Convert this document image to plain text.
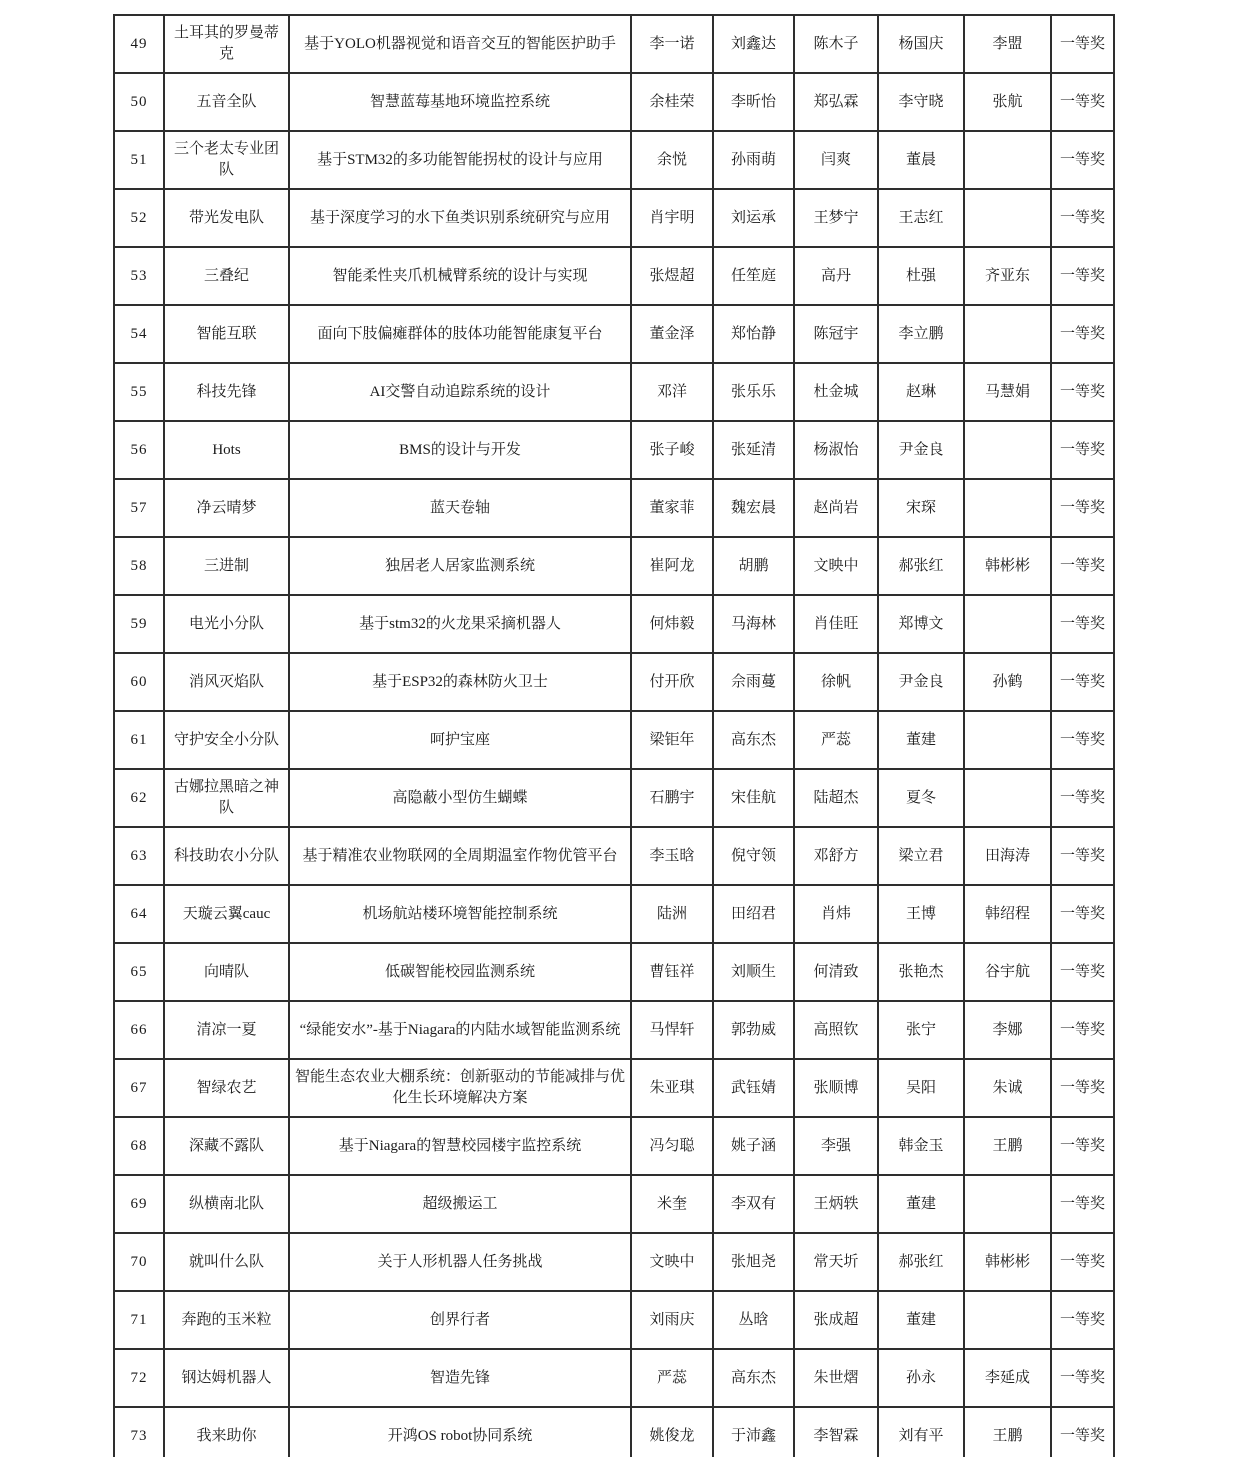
49	土耳其的罗曼蒂克	基于YOLO机器视觉和语音交互的智能医护助手	李一诺	刘鑫达	陈木子	杨国庆	李盟	一等奖
50	五音全队	智慧蓝莓基地环境监控系统	余桂荣	李昕怡	郑弘霖	李守晓	张航	一等奖
51	三个老太专业团队	基于STM32的多功能智能拐杖的设计与应用	余悦	孙雨萌	闫爽	董晨		一等奖
52	带光发电队	基于深度学习的水下鱼类识别系统研究与应用	肖宇明	刘运承	王梦宁	王志红		一等奖
53	三叠纪	智能柔性夹爪机械臂系统的设计与实现	张煜超	任笙庭	高丹	杜强	齐亚东	一等奖
54	智能互联	面向下肢偏瘫群体的肢体功能智能康复平台	董金泽	郑怡静	陈冠宇	李立鹏		一等奖
55	科技先锋	AI交警自动追踪系统的设计	邓洋	张乐乐	杜金城	赵琳	马慧娟	一等奖
56	Hots	BMS的设计与开发	张子峻	张延清	杨淑怡	尹金良		一等奖
57	净云晴梦	蓝天卷轴	董家菲	魏宏晨	赵尚岩	宋琛		一等奖
58	三进制	独居老人居家监测系统	崔阿龙	胡鹏	文映中	郝张红	韩彬彬	一等奖
59	电光小分队	基于stm32的火龙果采摘机器人	何炜毅	马海林	肖佳旺	郑博文		一等奖
60	消风灭焰队	基于ESP32的森林防火卫士	付开欣	佘雨蔓	徐帆	尹金良	孙鹤	一等奖
61	守护安全小分队	呵护宝座	梁钜年	高东杰	严蕊	董建		一等奖
62	古娜拉黑暗之神队	高隐蔽小型仿生蝴蝶	石鹏宇	宋佳航	陆超杰	夏冬		一等奖
63	科技助农小分队	基于精准农业物联网的全周期温室作物优管平台	李玉晗	倪守领	邓舒方	梁立君	田海涛	一等奖
64	天璇云翼cauc	机场航站楼环境智能控制系统	陆洲	田绍君	肖炜	王博	韩绍程	一等奖
65	向晴队	低碳智能校园监测系统	曹钰祥	刘顺生	何清致	张艳杰	谷宇航	一等奖
66	清凉一夏	“绿能安水”-基于Niagara的内陆水域智能监测系统	马悍轩	郭勃威	高照钦	张宁	李娜	一等奖
67	智绿农艺	智能生态农业大棚系统：创新驱动的节能减排与优化生长环境解决方案	朱亚琪	武钰婧	张顺博	吴阳	朱诚	一等奖
68	深藏不露队	基于Niagara的智慧校园楼宇监控系统	冯匀聪	姚子涵	李强	韩金玉	王鹏	一等奖
69	纵横南北队	超级搬运工	米奎	李双有	王炳轶	董建		一等奖
70	就叫什么队	关于人形机器人任务挑战	文映中	张旭尧	常天圻	郝张红	韩彬彬	一等奖
71	奔跑的玉米粒	创界行者	刘雨庆	丛晗	张成超	董建		一等奖
72	钢达姆机器人	智造先锋	严蕊	高东杰	朱世熠	孙永	李延成	一等奖
73	我来助你	开鸿OS robot协同系统	姚俊龙	于沛鑫	李智霖	刘有平	王鹏	一等奖
